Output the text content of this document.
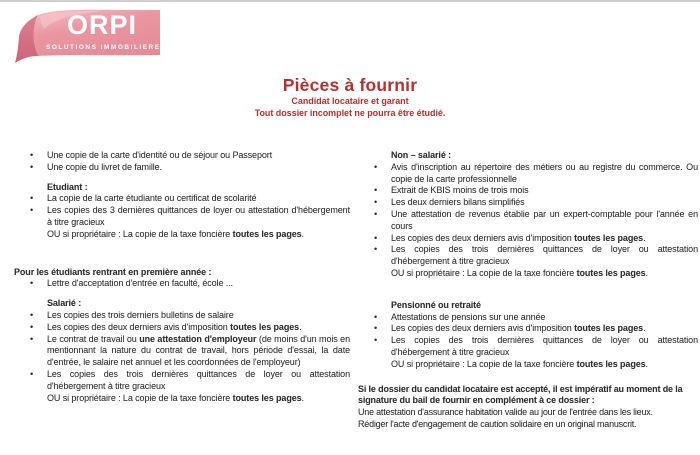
ORPI
SOLUTIONS IMMOBILIERES
Pièces à fournir
Candidat locataire et garant
Tout dossier incomplet ne pourra être étudié.
•	Une copie de la carte d'identité ou de séjour ou Passeport
•	Une copie du livret de famille.
Etudiant :
•	La copie de la carte étudiante ou certificat de scolarité
•	Les copies des 3 dernières quittances de loyer ou attestation d'hébergement à titre gracieux
OU si propriétaire : La copie de la taxe foncière toutes les pages.
Pour les étudiants rentrant en première année :
•	Lettre d'acceptation d'entrée en faculté, école ...
Salarié :
•	Les copies des trois derniers bulletins de salaire
•	Les copies des deux derniers avis d'imposition toutes les pages.
•	Le contrat de travail ou une attestation d'employeur (de moins d'un mois en mentionnant la nature du contrat de travail, hors période d'essai, la date d'entrée, le salaire net annuel et les coordonnées de l'employeur)
•	Les copies des trois dernières quittances de loyer ou attestation d'hébergement à titre gracieux
OU si propriétaire : La copie de la taxe foncière toutes les pages.
Non – salarié :
•	Avis d'inscription au répertoire des métiers ou au registre du commerce. Ou copie de la carte professionnelle
•	Extrait de KBIS moins de trois mois
•	Les deux derniers bilans simplifiés
•	Une attestation de revenus établie par un expert-comptable pour l'année en cours
•	Les copies des deux derniers avis d'imposition toutes les pages.
•	Les copies des trois dernières quittances de loyer ou attestation d'hébergement à titre gracieux
OU si propriétaire : La copie de la taxe foncière toutes les pages.
Pensionné ou retraité
•	Attestations de pensions sur une année
•	Les copies des deux derniers avis d'imposition toutes les pages.
•	Les copies des trois dernières quittances de loyer ou attestation d'hébergement à titre gracieux
OU si propriétaire : La copie de la taxe foncière toutes les pages.
Si le dossier du candidat locataire est accepté, il est impératif au moment de la signature du bail de fournir en complément à ce dossier :
Une attestation d'assurance habitation valide au jour de l'entrée dans les lieux.
Rédiger l'acte d'engagement de caution solidaire en un original manuscrit.
